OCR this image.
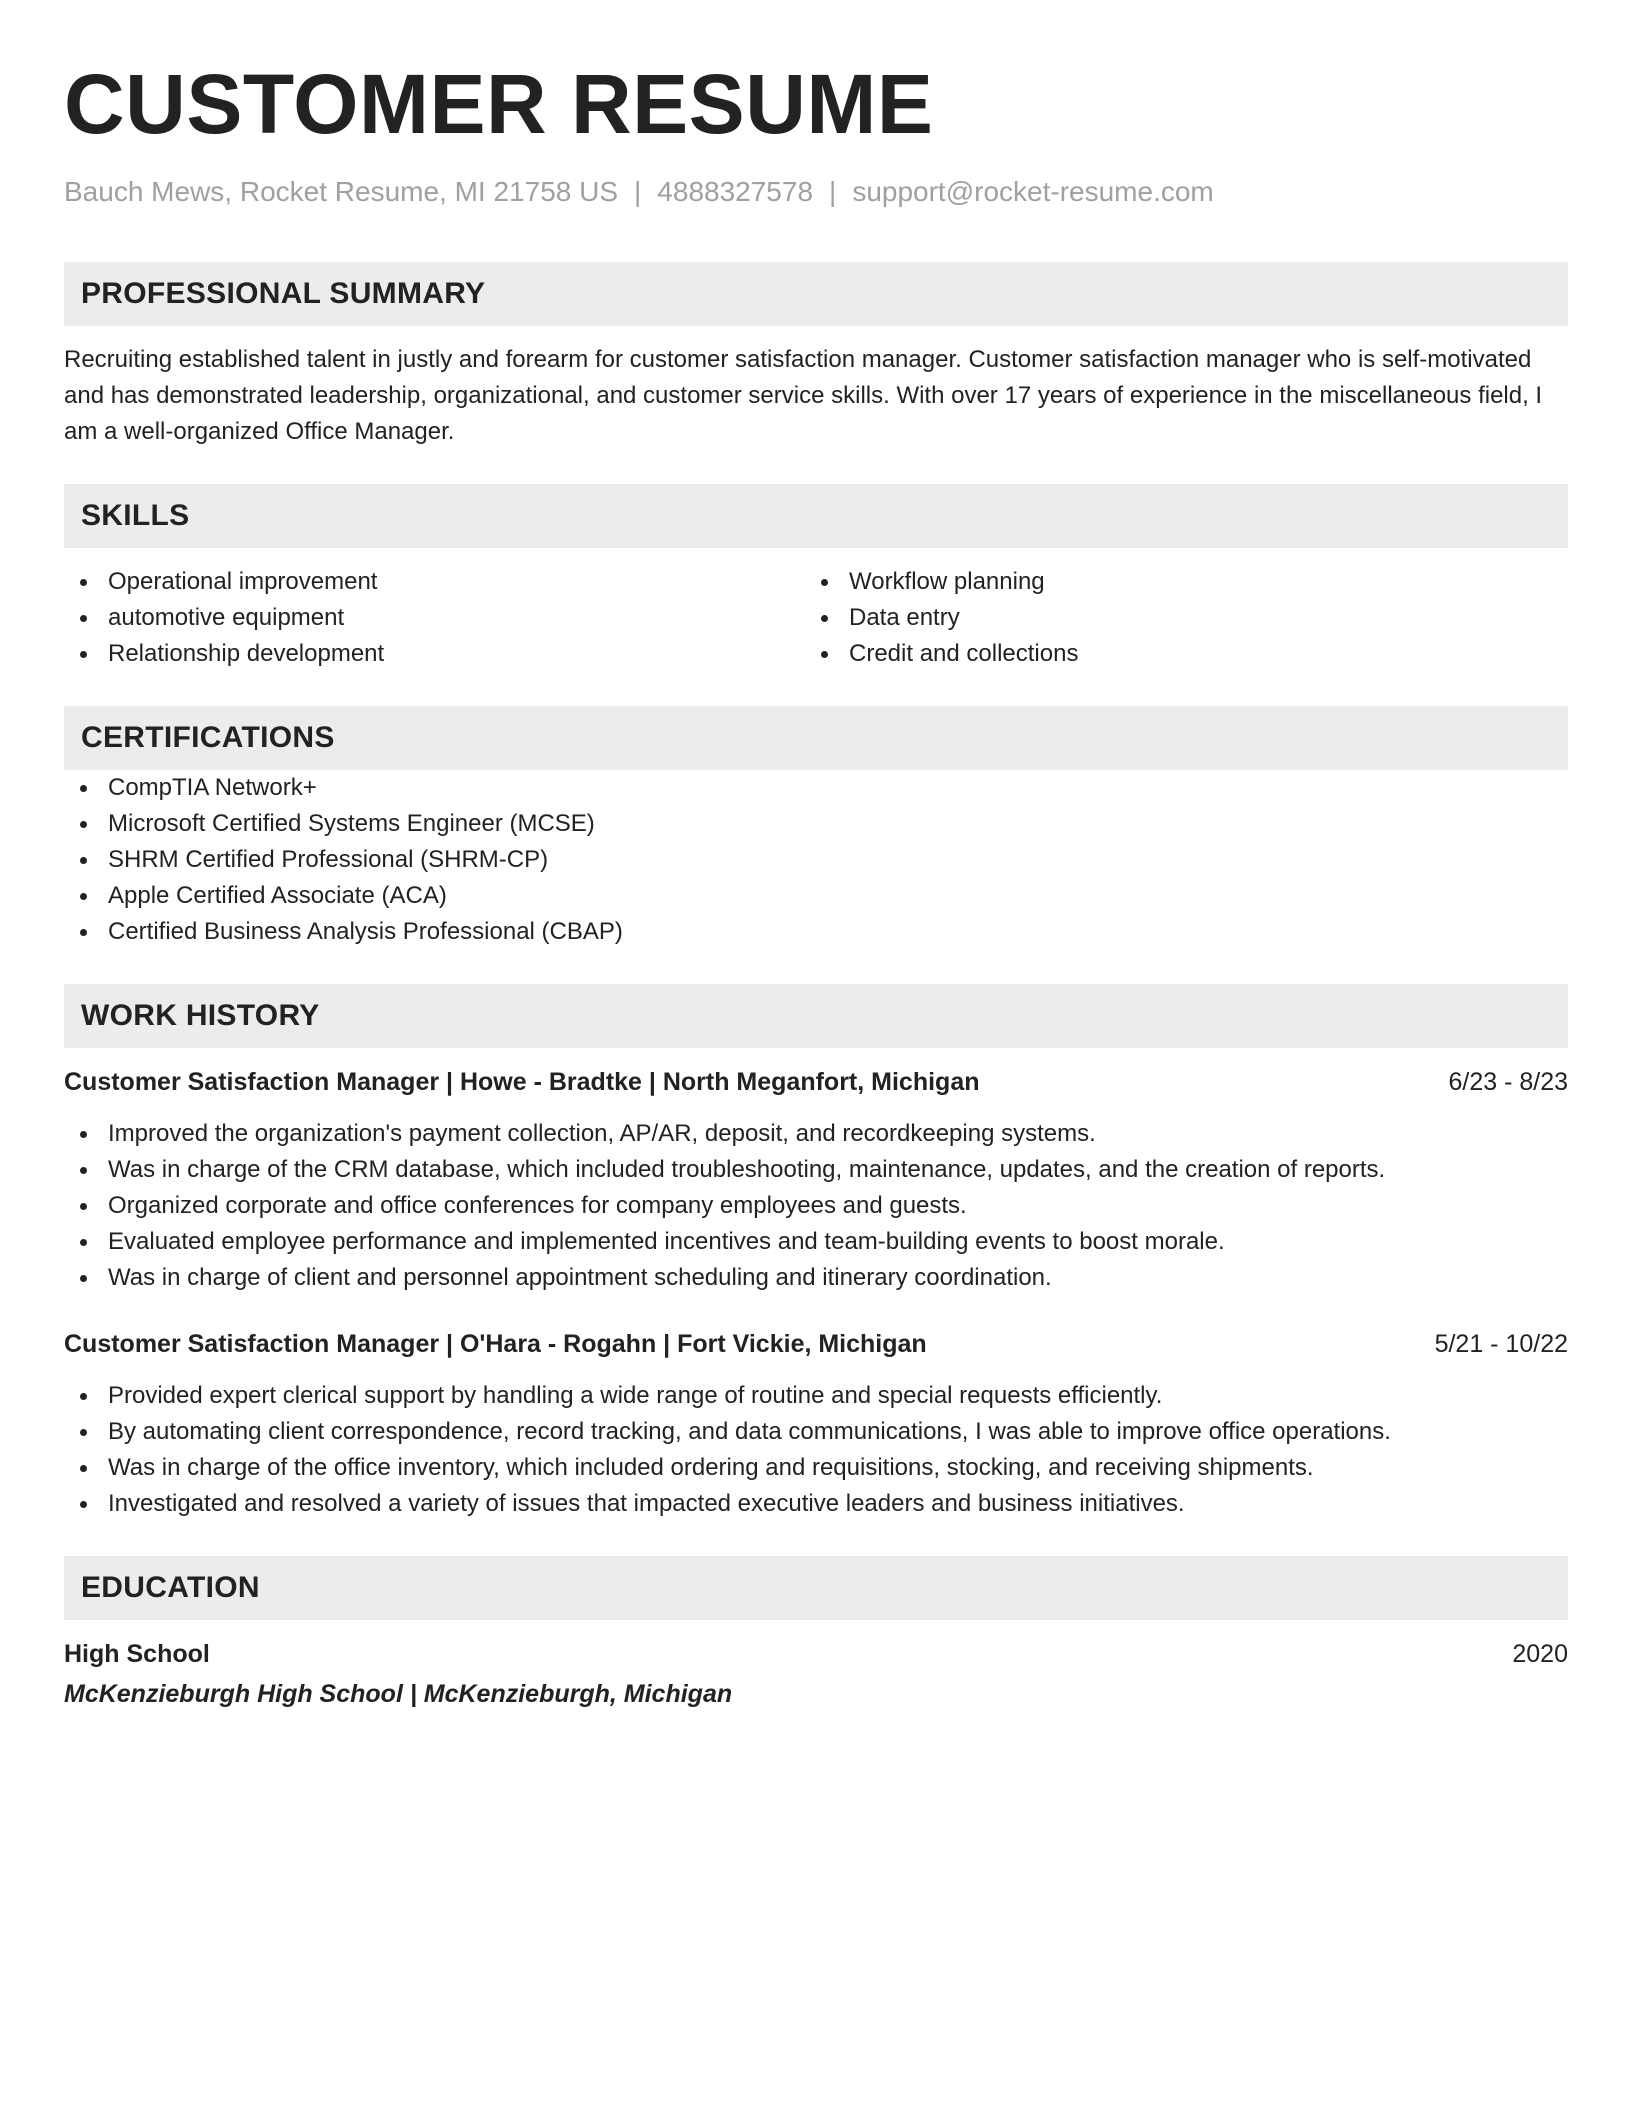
CUSTOMER RESUME
Bauch Mews, Rocket Resume, MI 21758 US | 4888327578 | support@rocket-resume.com
PROFESSIONAL SUMMARY
Recruiting established talent in justly and forearm for customer satisfaction manager. Customer satisfaction manager who is self-motivated and has demonstrated leadership, organizational, and customer service skills. With over 17 years of experience in the miscellaneous field, I am a well-organized Office Manager.
SKILLS
Operational improvement
automotive equipment
Relationship development
Workflow planning
Data entry
Credit and collections
CERTIFICATIONS
CompTIA Network+
Microsoft Certified Systems Engineer (MCSE)
SHRM Certified Professional (SHRM-CP)
Apple Certified Associate (ACA)
Certified Business Analysis Professional (CBAP)
WORK HISTORY
Customer Satisfaction Manager | Howe - Bradtke | North Meganfort, Michigan	6/23 - 8/23
Improved the organization's payment collection, AP/AR, deposit, and recordkeeping systems.
Was in charge of the CRM database, which included troubleshooting, maintenance, updates, and the creation of reports.
Organized corporate and office conferences for company employees and guests.
Evaluated employee performance and implemented incentives and team-building events to boost morale.
Was in charge of client and personnel appointment scheduling and itinerary coordination.
Customer Satisfaction Manager | O'Hara - Rogahn | Fort Vickie, Michigan	5/21 - 10/22
Provided expert clerical support by handling a wide range of routine and special requests efficiently.
By automating client correspondence, record tracking, and data communications, I was able to improve office operations.
Was in charge of the office inventory, which included ordering and requisitions, stocking, and receiving shipments.
Investigated and resolved a variety of issues that impacted executive leaders and business initiatives.
EDUCATION
High School	2020
McKenzieburgh High School | McKenzieburgh, Michigan
